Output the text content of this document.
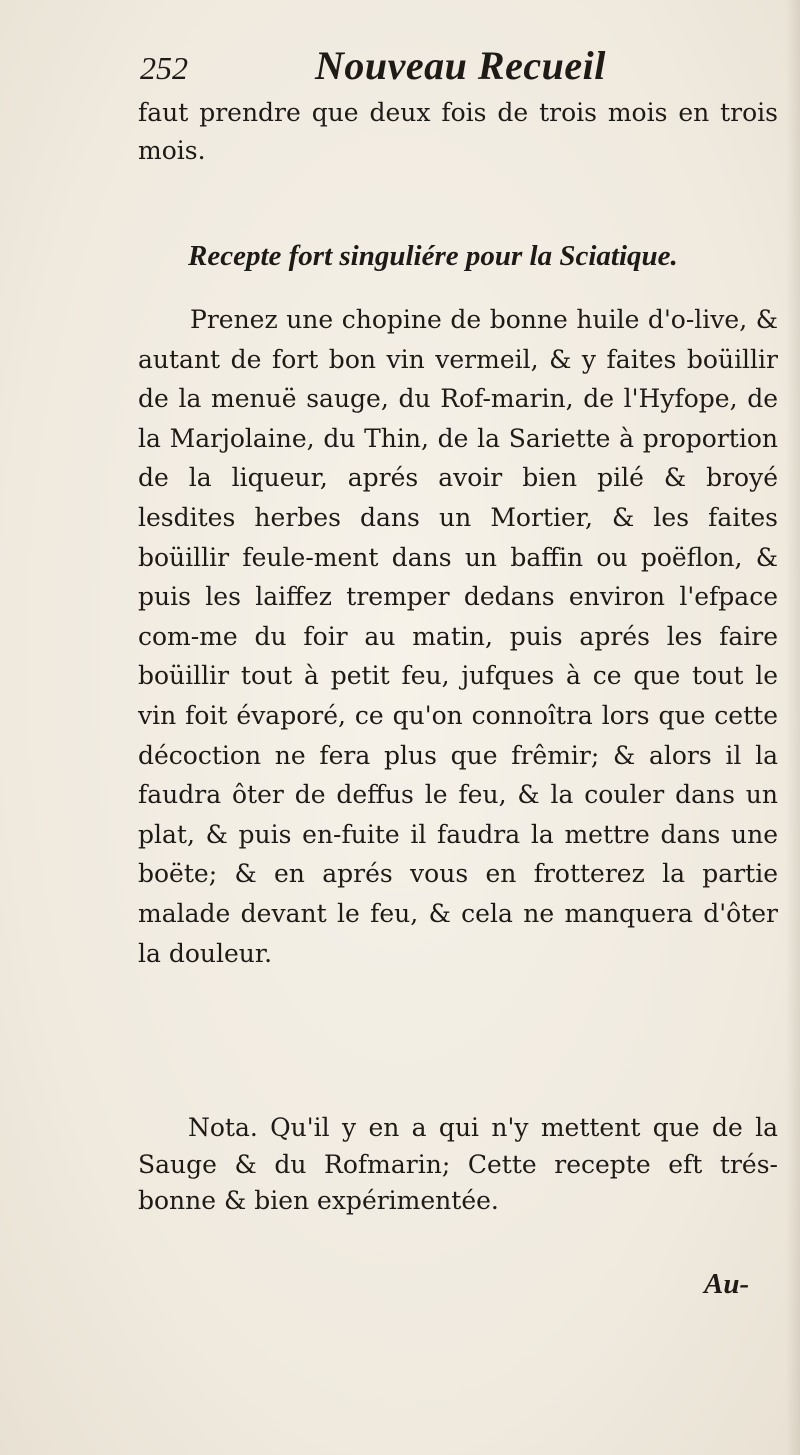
252	Nouveau Recueil

faut prendre que deux fois de trois mois en trois mois.

Recepte fort singuliére pour la Sciatique.

Prenez une chopine de bonne huile d'o-live, & autant de fort bon vin vermeil, & y faites boüillir de la menuë sauge, du Rof-marin, de l'Hyfope, de la Marjolaine, du Thin, de la Sariette à proportion de la liqueur, aprés avoir bien pilé & broyé lesdites herbes dans un Mortier, & les faites boüillir feule-ment dans un baffin ou poëflon, & puis les laiffez tremper dedans environ l'efpace com-me du foir au matin, puis aprés les faire boüillir tout à petit feu, jufques à ce que tout le vin foit évaporé, ce qu'on connoîtra lors que cette décoction ne fera plus que frêmir; & alors il la faudra ôter de deffus le feu, & la couler dans un plat, & puis en-fuite il faudra la mettre dans une boëte; & en aprés vous en frotterez la partie malade devant le feu, & cela ne manquera d'ôter la douleur.

Nota. Qu'il y en a qui n'y mettent que de la Sauge & du Rofmarin; Cette recepte eft trés-bonne & bien expérimentée.

Au-
